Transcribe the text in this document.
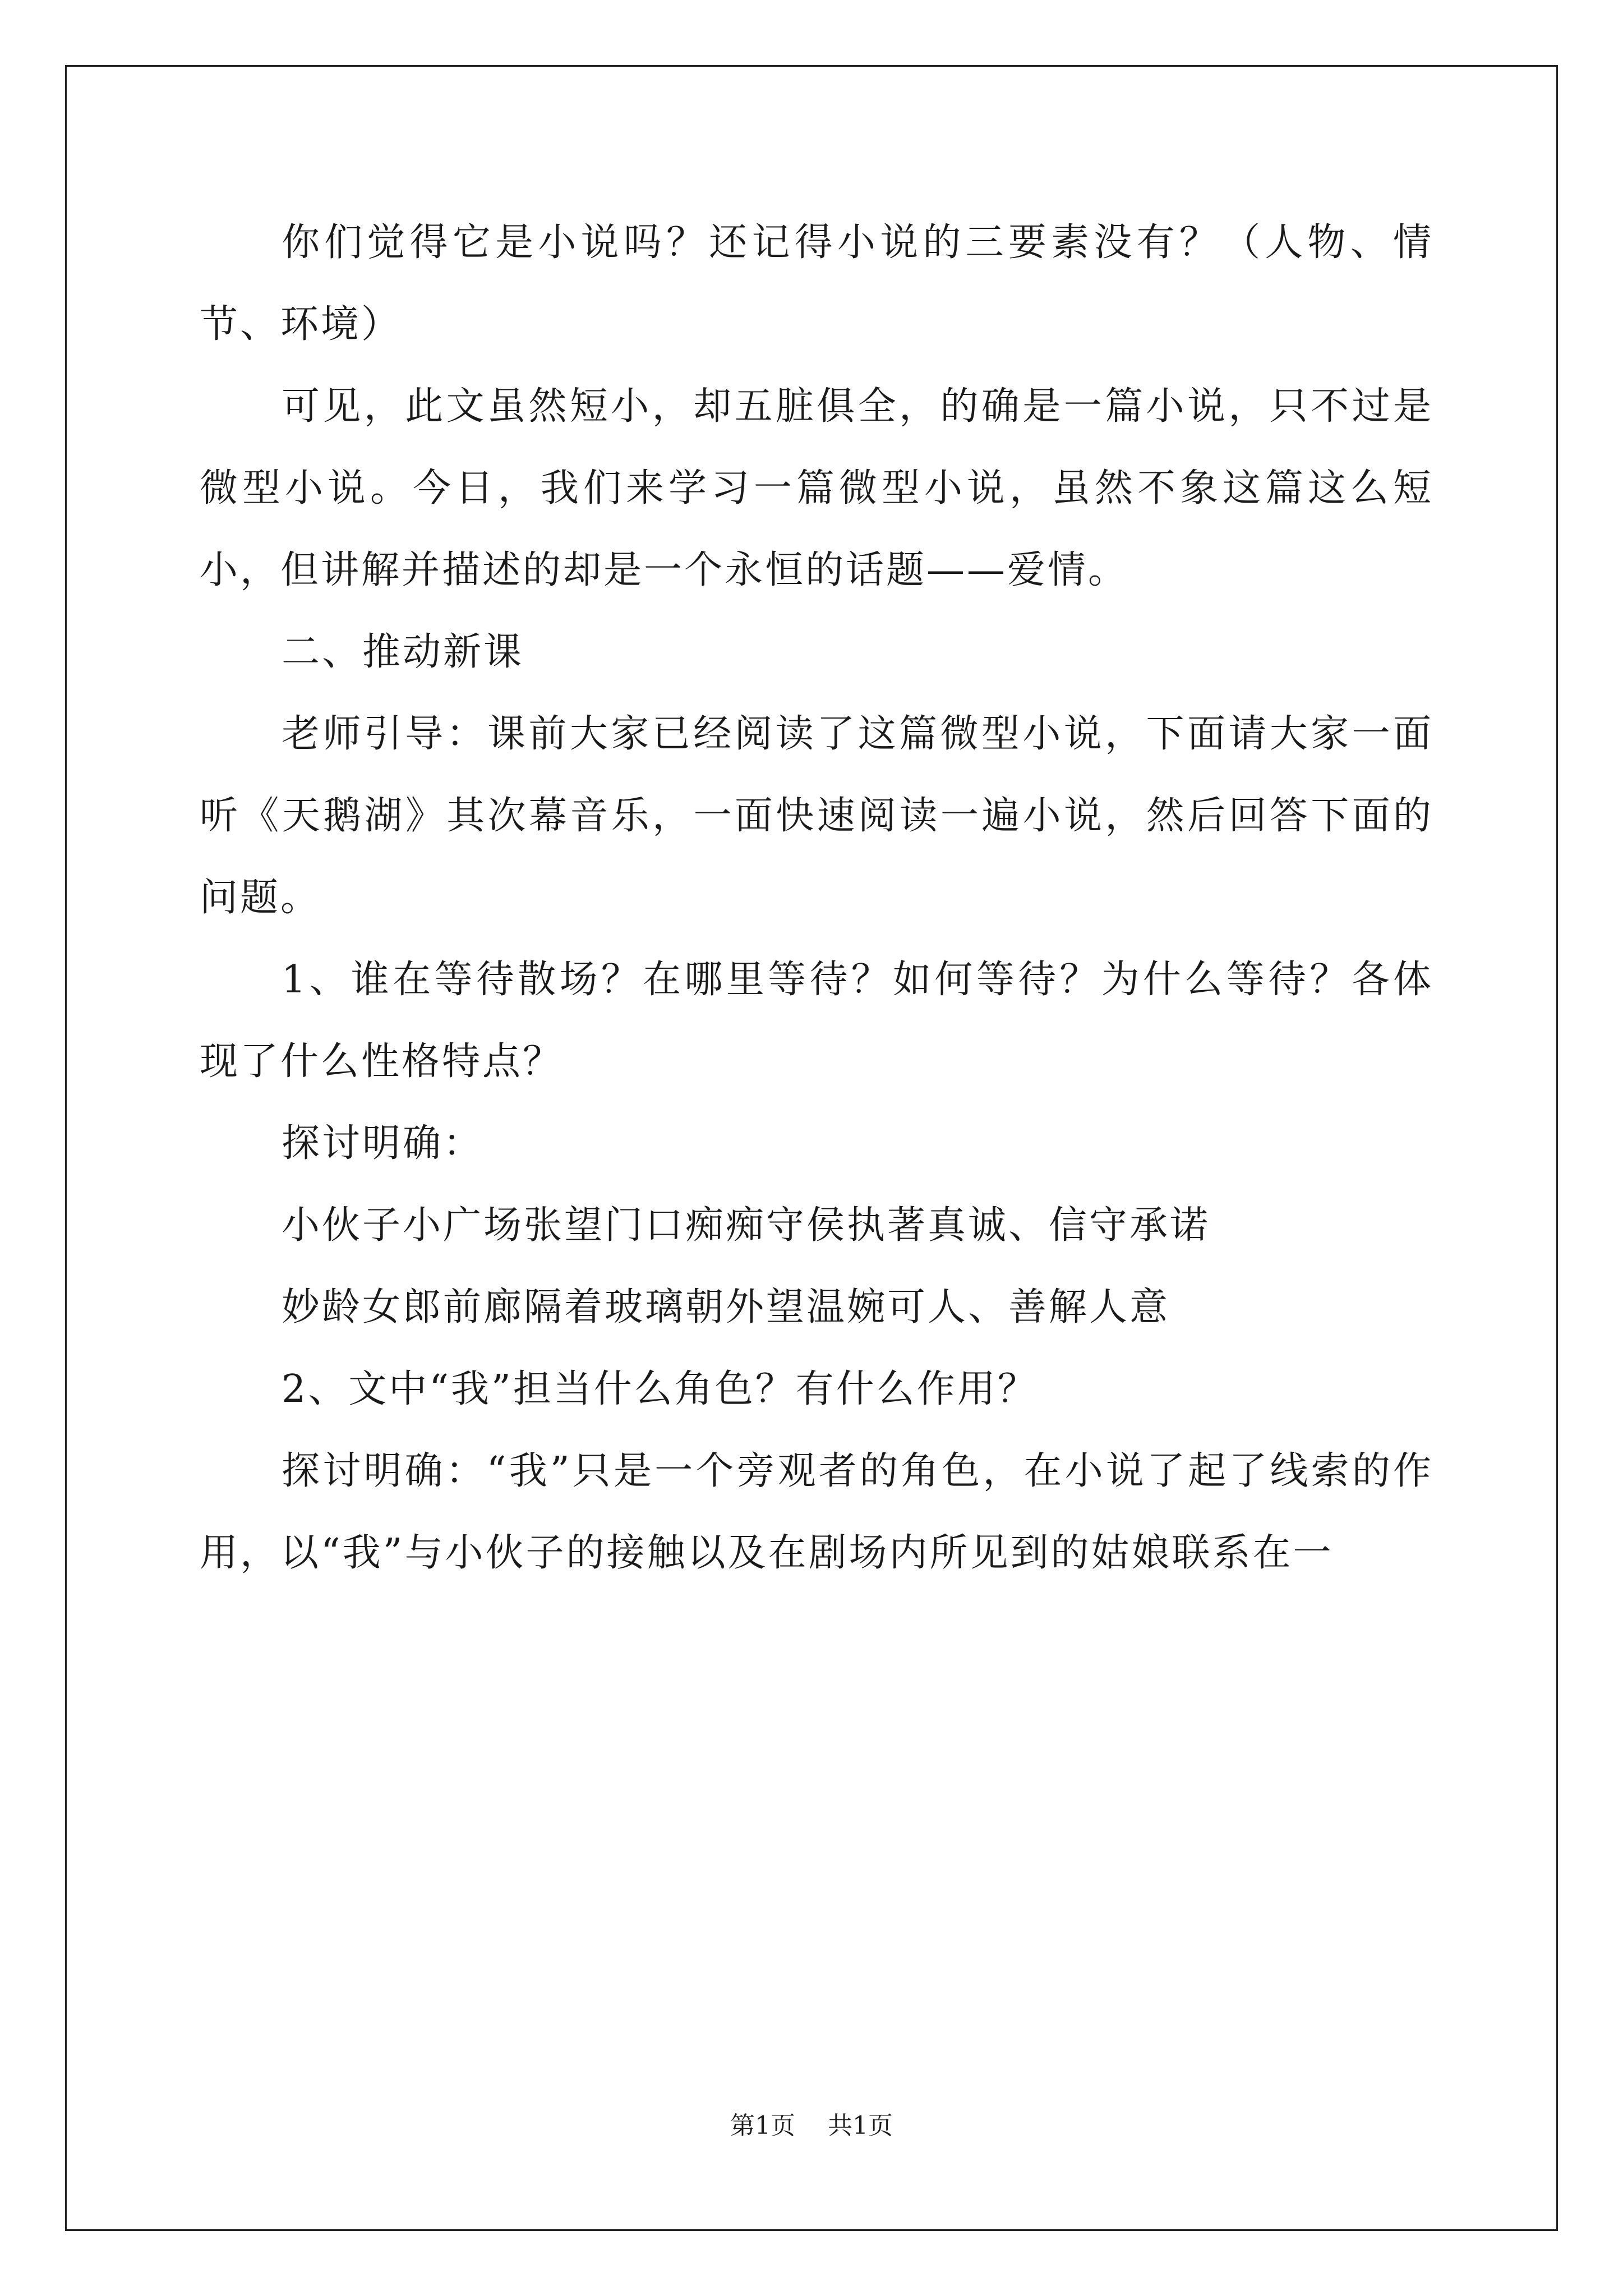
你们觉得它是小说吗？还记得小说的三要素没有？（人物、情节、环境）

可见，此文虽然短小，却五脏俱全，的确是一篇小说，只不过是微型小说。今日，我们来学习一篇微型小说，虽然不象这篇这么短小，但讲解并描述的却是一个永恒的话题——爱情。

二、推动新课

老师引导：课前大家已经阅读了这篇微型小说，下面请大家一面听《天鹅湖》其次幕音乐，一面快速阅读一遍小说，然后回答下面的问题。

1、谁在等待散场？在哪里等待？如何等待？为什么等待？各体现了什么性格特点？

探讨明确：

小伙子小广场张望门口痴痴守侯执著真诚、信守承诺

妙龄女郎前廊隔着玻璃朝外望温婉可人、善解人意

2、文中“我”担当什么角色？有什么作用？

探讨明确：“我”只是一个旁观者的角色，在小说了起了线索的作用，以“我”与小伙子的接触以及在剧场内所见到的姑娘联系在一

第1页 共1页
